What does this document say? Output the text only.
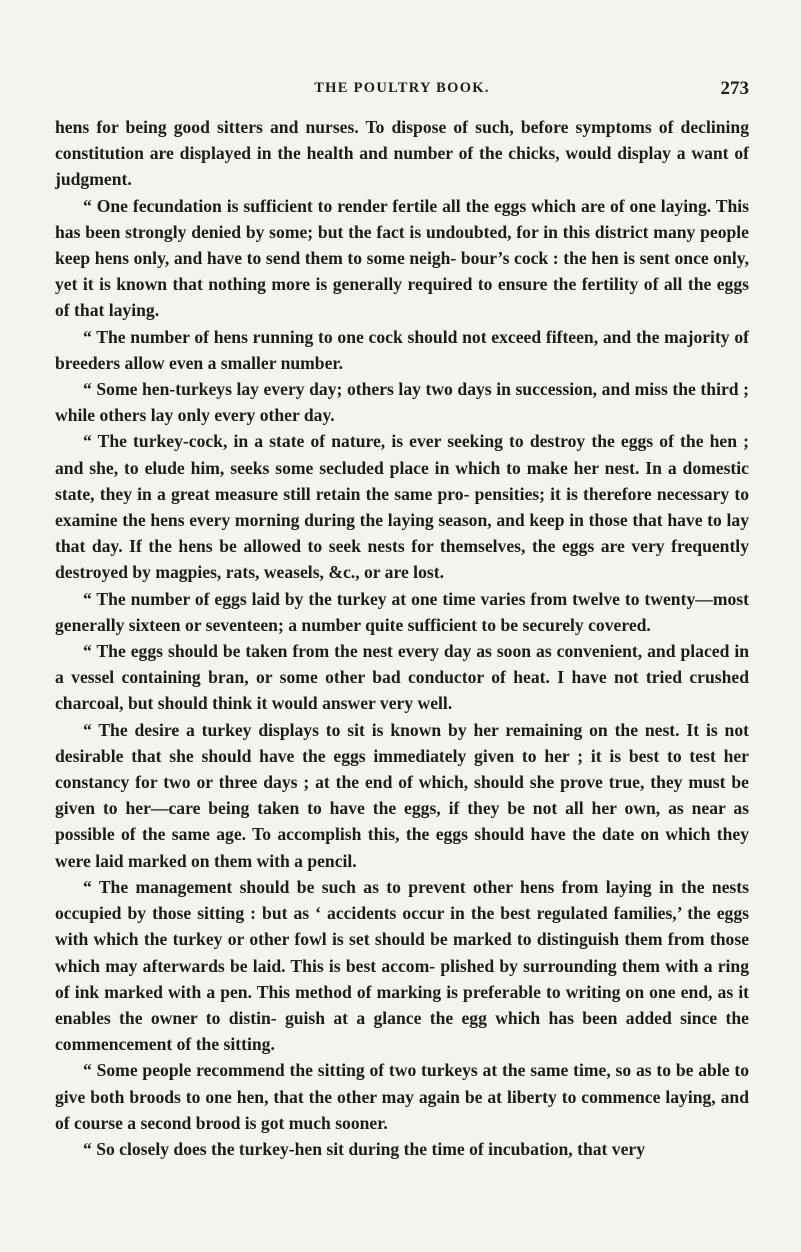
THE POULTRY BOOK.	273

hens for being good sitters and nurses. To dispose of such, before symptoms of declining constitution are displayed in the health and number of the chicks, would display a want of judgment.

“ One fecundation is sufficient to render fertile all the eggs which are of one laying. This has been strongly denied by some; but the fact is undoubted, for in this district many people keep hens only, and have to send them to some neigh- bour’s cock : the hen is sent once only, yet it is known that nothing more is generally required to ensure the fertility of all the eggs of that laying.

“ The number of hens running to one cock should not exceed fifteen, and the majority of breeders allow even a smaller number.

“ Some hen-turkeys lay every day; others lay two days in succession, and miss the third ; while others lay only every other day.

“ The turkey-cock, in a state of nature, is ever seeking to destroy the eggs of the hen ; and she, to elude him, seeks some secluded place in which to make her nest. In a domestic state, they in a great measure still retain the same pro- pensities; it is therefore necessary to examine the hens every morning during the laying season, and keep in those that have to lay that day. If the hens be allowed to seek nests for themselves, the eggs are very frequently destroyed by magpies, rats, weasels, &c., or are lost.

“ The number of eggs laid by the turkey at one time varies from twelve to twenty—most generally sixteen or seventeen; a number quite sufficient to be securely covered.

“ The eggs should be taken from the nest every day as soon as convenient, and placed in a vessel containing bran, or some other bad conductor of heat. I have not tried crushed charcoal, but should think it would answer very well.

“ The desire a turkey displays to sit is known by her remaining on the nest. It is not desirable that she should have the eggs immediately given to her ; it is best to test her constancy for two or three days ; at the end of which, should she prove true, they must be given to her—care being taken to have the eggs, if they be not all her own, as near as possible of the same age. To accomplish this, the eggs should have the date on which they were laid marked on them with a pencil.

“ The management should be such as to prevent other hens from laying in the nests occupied by those sitting : but as ‘ accidents occur in the best regulated families,’ the eggs with which the turkey or other fowl is set should be marked to distinguish them from those which may afterwards be laid. This is best accom- plished by surrounding them with a ring of ink marked with a pen. This method of marking is preferable to writing on one end, as it enables the owner to distin- guish at a glance the egg which has been added since the commencement of the sitting.

“ Some people recommend the sitting of two turkeys at the same time, so as to be able to give both broods to one hen, that the other may again be at liberty to commence laying, and of course a second brood is got much sooner.

“ So closely does the turkey-hen sit during the time of incubation, that very
